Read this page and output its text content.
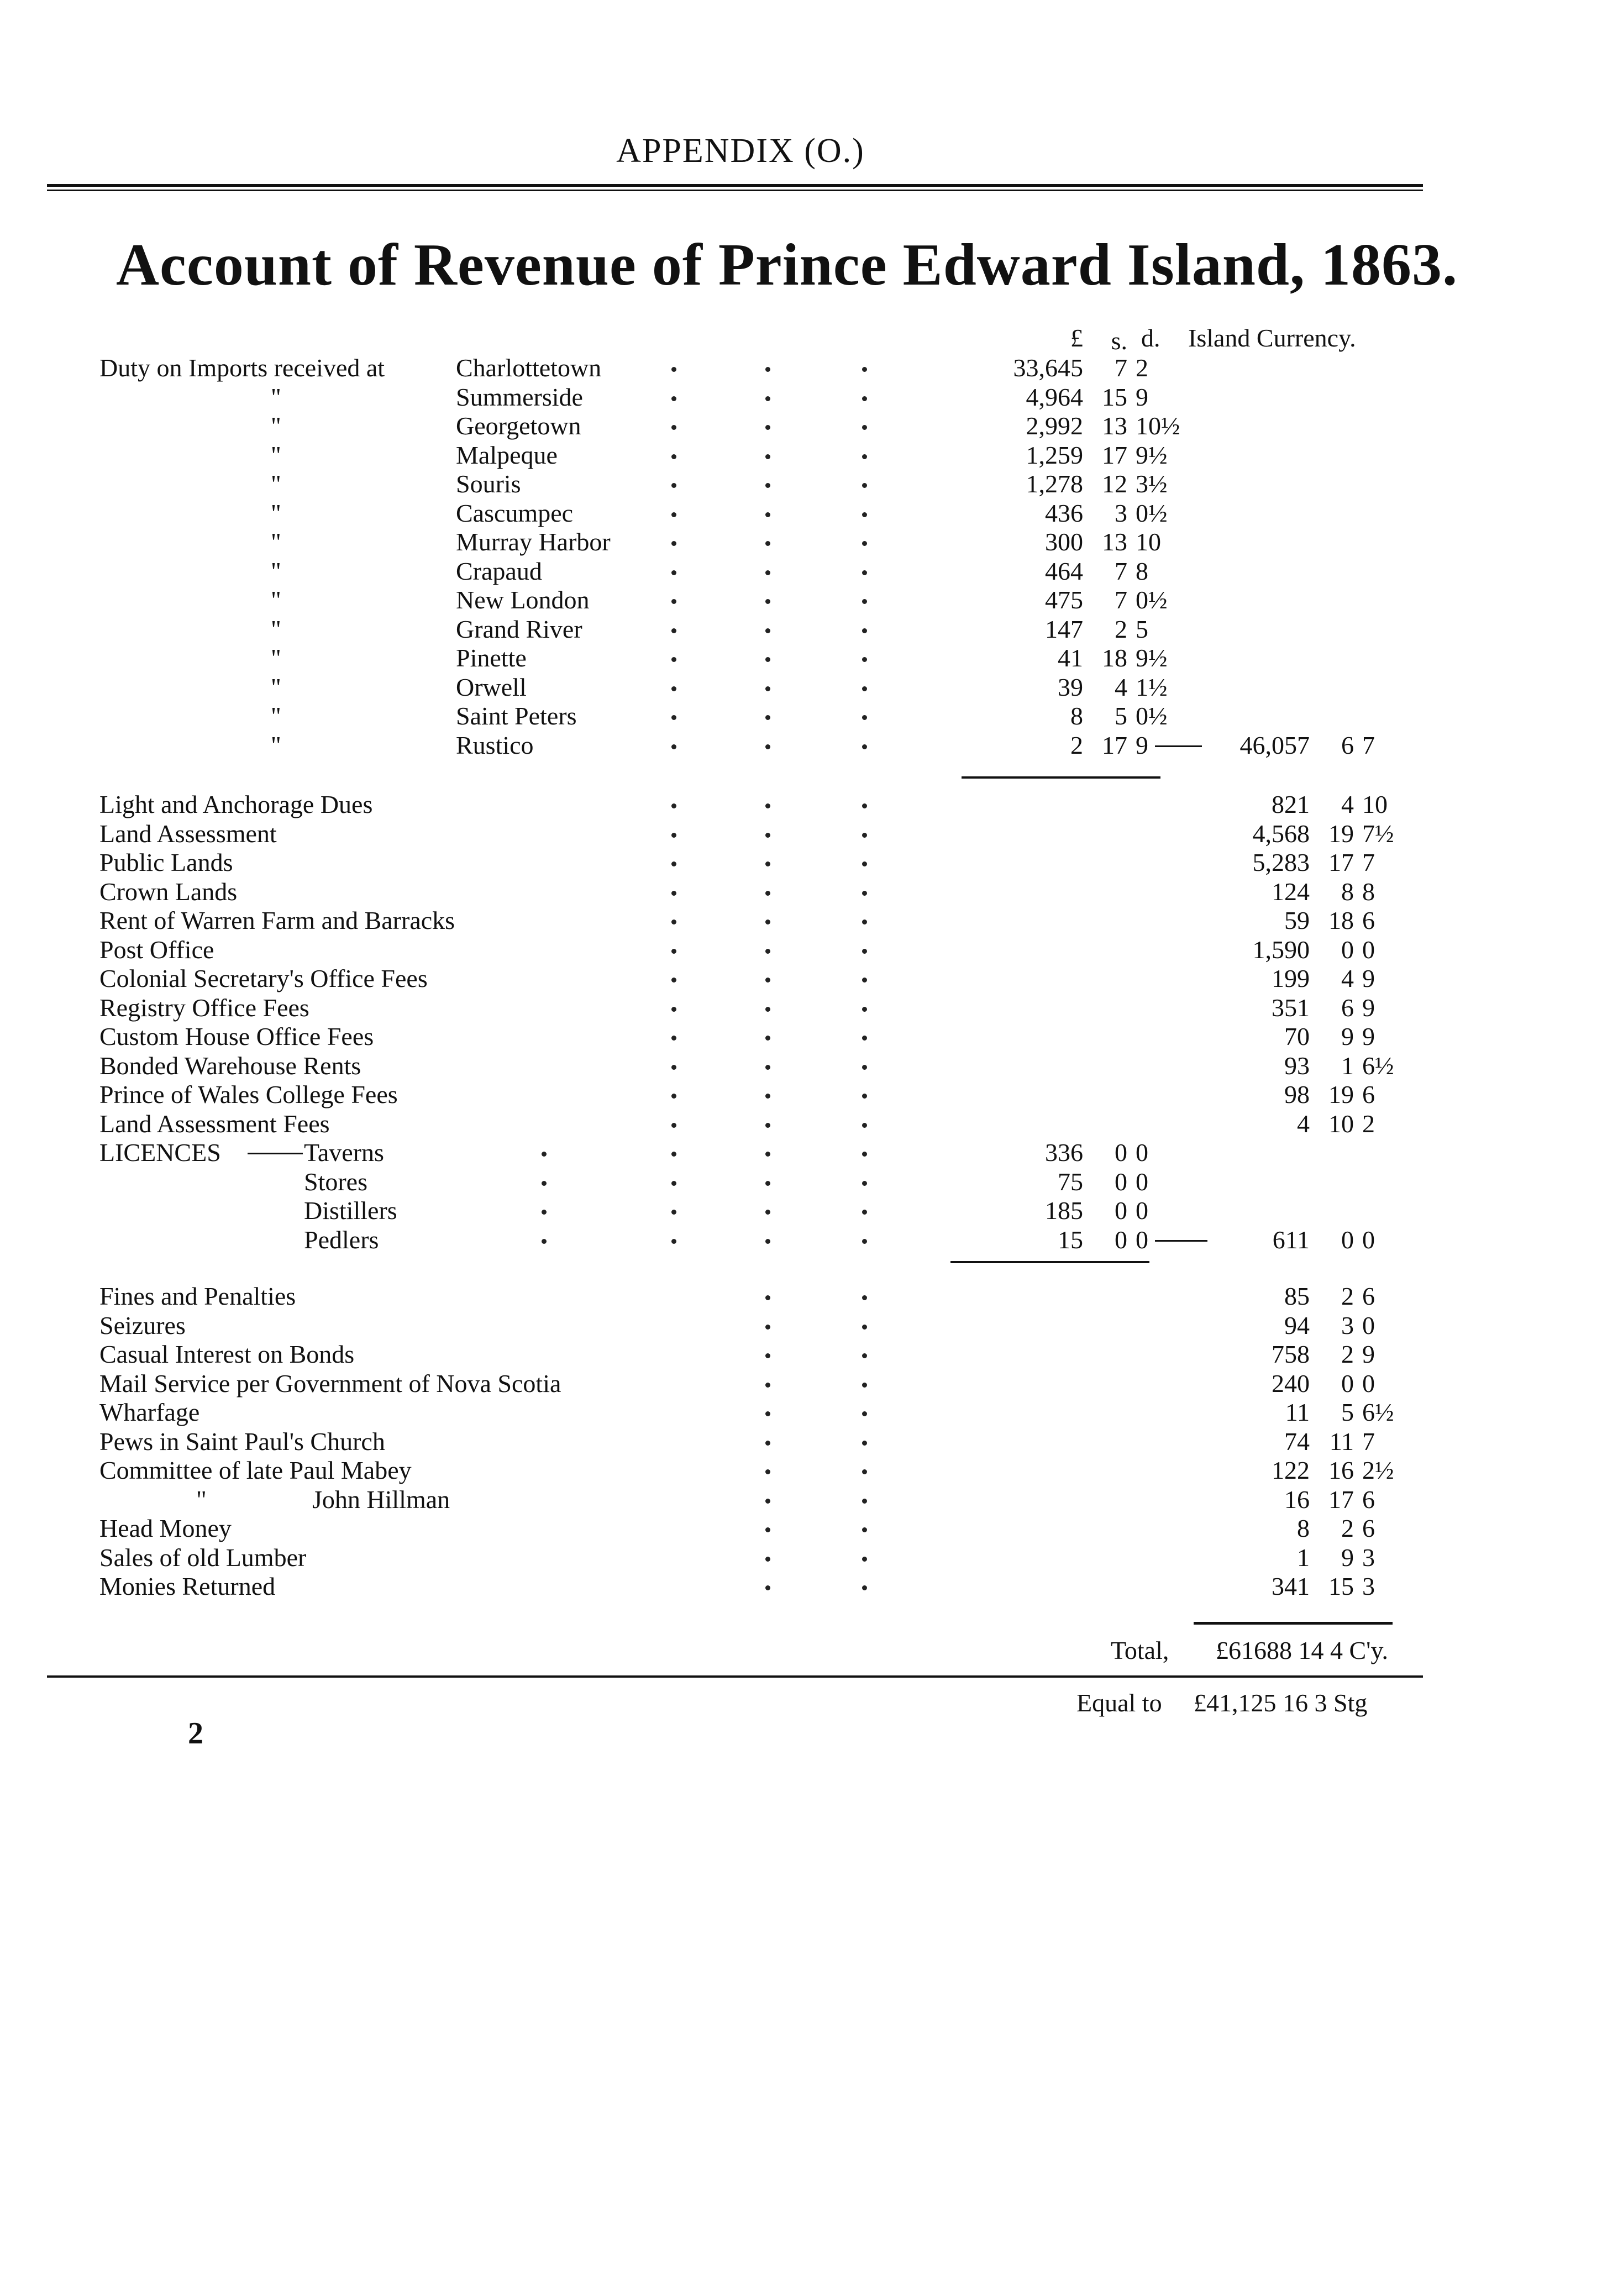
APPENDIX (O.)
Account of Revenue of Prince Edward Island, 1863.
£	s. d. Island Currency.
Duty on Imports received at	Charlottetown	33,645	7 2
"	Summerside	4,964 15 9
"	Georgetown	2,992 13 10½
"	Malpeque	1,259 17 9½
"	Souris	1,278 12 3½
"	Cascumpec	436	3 0½
"	Murray Harbor	300 13 10
"	Crapaud	464	7 8
"	New London	475	7 0½
"	Grand River	147	2 5
"	Pinette	41 18 9½
"	Orwell	39	4 1½
"	Saint Peters	8	5 0½
"	Rustico	2 17 9	46,057	6 7
Light and Anchorage Dues	821	4 10
Land Assessment	4,568 19 7½
Public Lands	5,283 17 7
Crown Lands	124	8 8
Rent of Warren Farm and Barracks	59 18 6
Post Office	1,590	0 0
Colonial Secretary's Office Fees	199	4 9
Registry Office Fees	351	6 9
Custom House Office Fees	70	9 9
Bonded Warehouse Rents	93	1 6½
Prince of Wales College Fees	98 19 6
Land Assessment Fees	4 10 2
LICENCES	Taverns	336	0 0
Stores	75	0 0
Distillers	185	0 0
Pedlers	15	0 0	611	0 0
Fines and Penalties	85	2 6
Seizures	94	3 0
Casual Interest on Bonds	758	2 9
Mail Service per Government of Nova Scotia	240	0 0
Wharfage	11	5 6½
Pews in Saint Paul's Church	74 11 7
Committee of late Paul Mabey	122 16 2½
"	John Hillman	16 17 6
Head Money	8	2 6
Sales of old Lumber	1	9 3
Monies Returned	341 15 3
Total, £61688 14 4 C'y.
Equal to £41,125 16 3 Stg
2
